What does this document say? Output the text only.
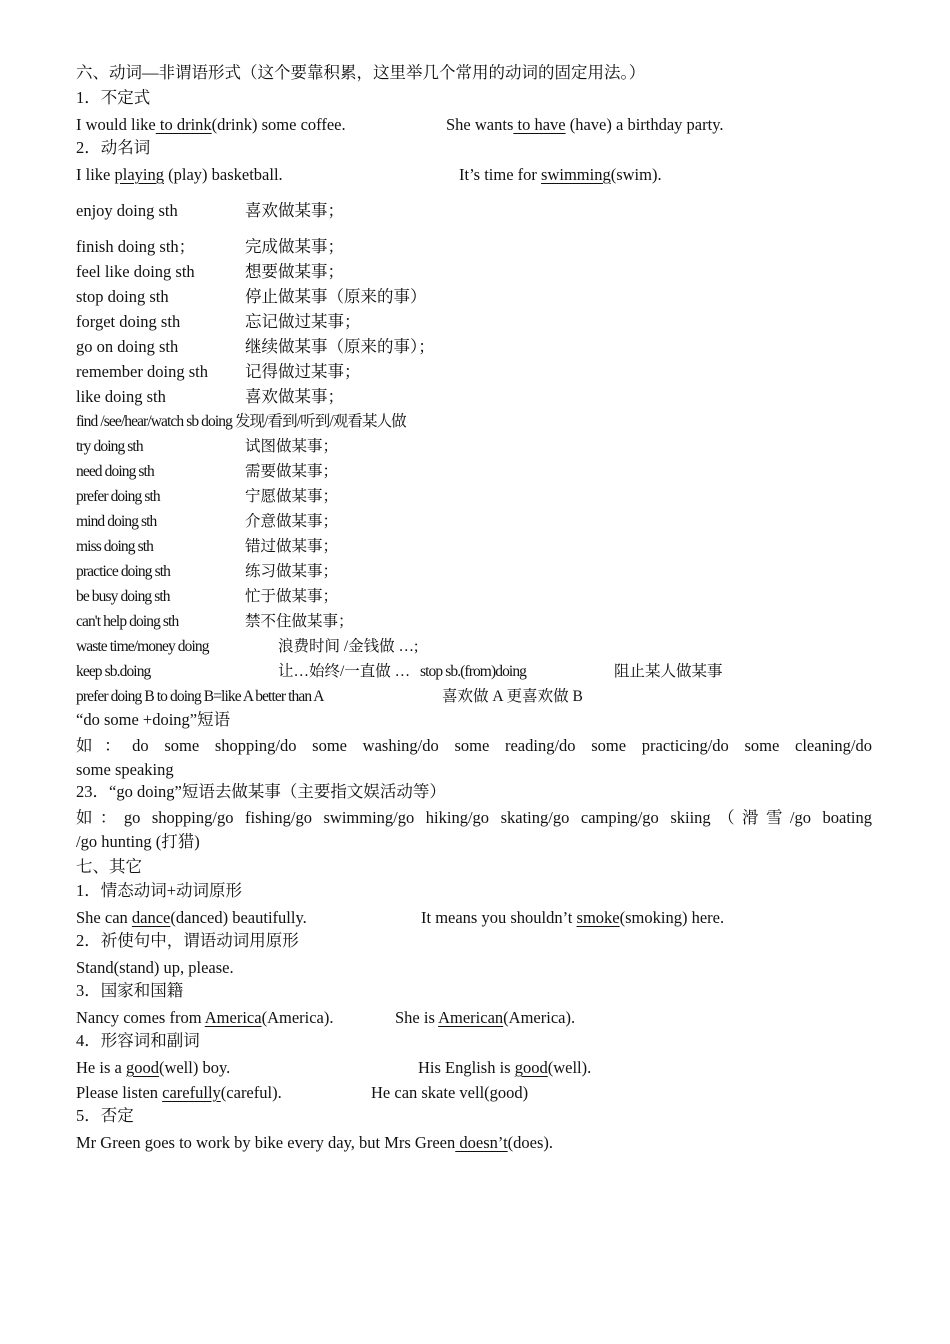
六、动词—非谓语形式（这个要靠积累，这里举几个常用的动词的固定用法。）
1．不定式
I would like to drink(drink) some coffee.	She wants to have (have) a birthday party.
2．动名词
I like playing (play) basketball.	It’s time for swimming(swim).
enjoy doing sth	喜欢做某事；
finish doing sth；	完成做某事；
feel like doing sth	想要做某事；
stop doing sth	停止做某事（原来的事）
forget doing sth	忘记做过某事；
go on doing sth	继续做某事（原来的事）；
remember doing sth 记得做过某事；
like doing sth	喜欢做某事；
find /see/hear/watch sb doing 发现/看到/听到/观看某人做
try doing sth	试图做某事；
need doing sth	需要做某事；
prefer doing sth	宁愿做某事；
mind doing sth	介意做某事；
miss doing sth	错过做某事；
practice doing sth	练习做某事；
be busy doing sth	忙于做某事；
can't help doing sth	禁不住做某事；
waste time/money doing	浪费时间 /金钱做 …;
keep sb.doing	让…始终/一直做 … stop sb.(from)doing	阻止某人做某事
prefer doing B to doing B=like A better than A	喜欢做 A 更喜欢做 B
“do some +doing”短语
如：do some shopping/do some washing/do some reading/do some practicing/do some cleaning/do
some speaking
23．“go doing”短语去做某事（主要指文娱活动等）
如：go shopping/go fishing/go swimming/go hiking/go skating/go camping/go skiing（滑雪/go boating
/go hunting (打猎)
七、其它
1．情态动词+动词原形
She can dance(danced) beautifully.	It means you shouldn’t smoke(smoking) here.
2．祈使句中，谓语动词用原形
Stand(stand) up, please.
3．国家和国籍
Nancy comes from America(America).	She is American(America).
4．形容词和副词
He is a good(well) boy.	His English is good(well).
Please listen carefully(careful).	He can skate vell(good)
5．否定
Mr Green goes to work by bike every day, but Mrs Green doesn’t(does).
